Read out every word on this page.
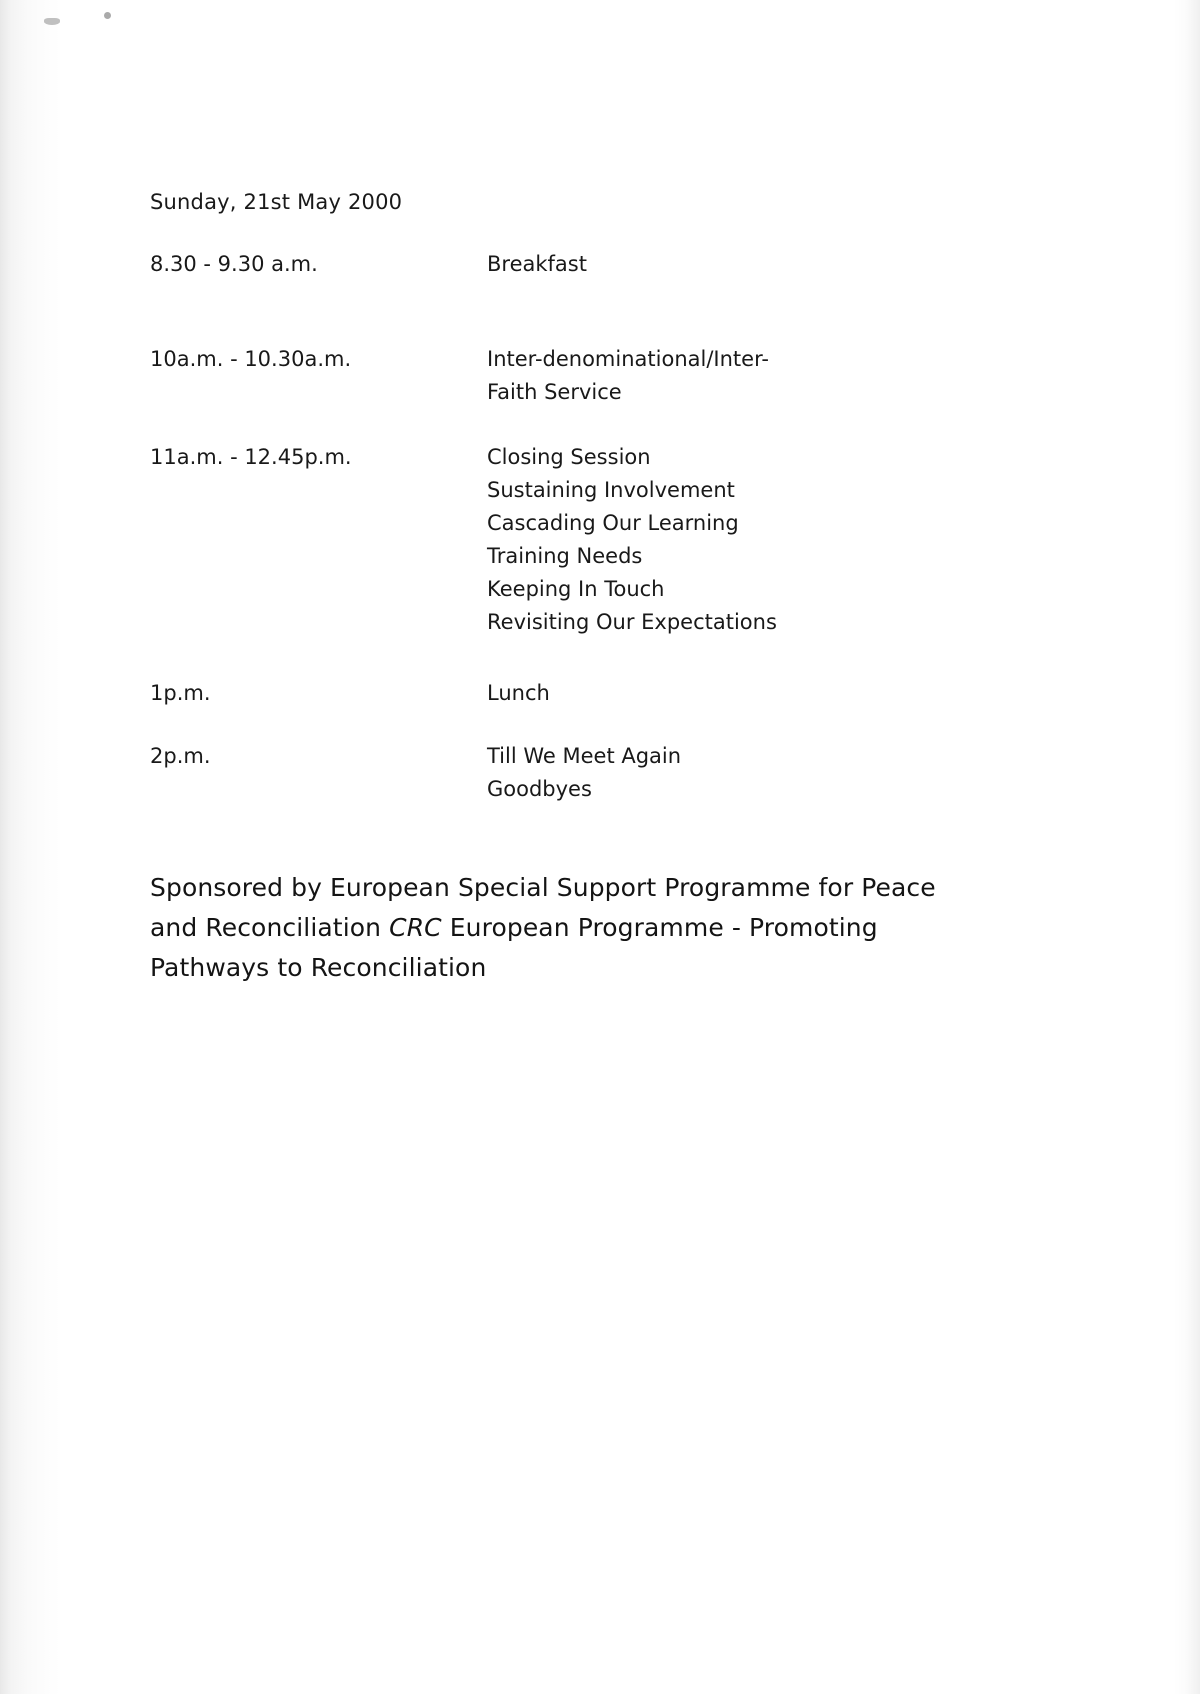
Sunday, 21st May 2000
8.30 - 9.30 a.m.	Breakfast
10a.m. - 10.30a.m.	Inter-denominational/Inter-
Faith Service
11a.m. - 12.45p.m.	Closing Session
Sustaining Involvement
Cascading Our Learning
Training Needs
Keeping In Touch
Revisiting Our Expectations
1p.m.	Lunch
2p.m.	Till We Meet Again
Goodbyes
Sponsored by European Special Support Programme for Peace and Reconciliation CRC European Programme - Promoting Pathways to Reconciliation
